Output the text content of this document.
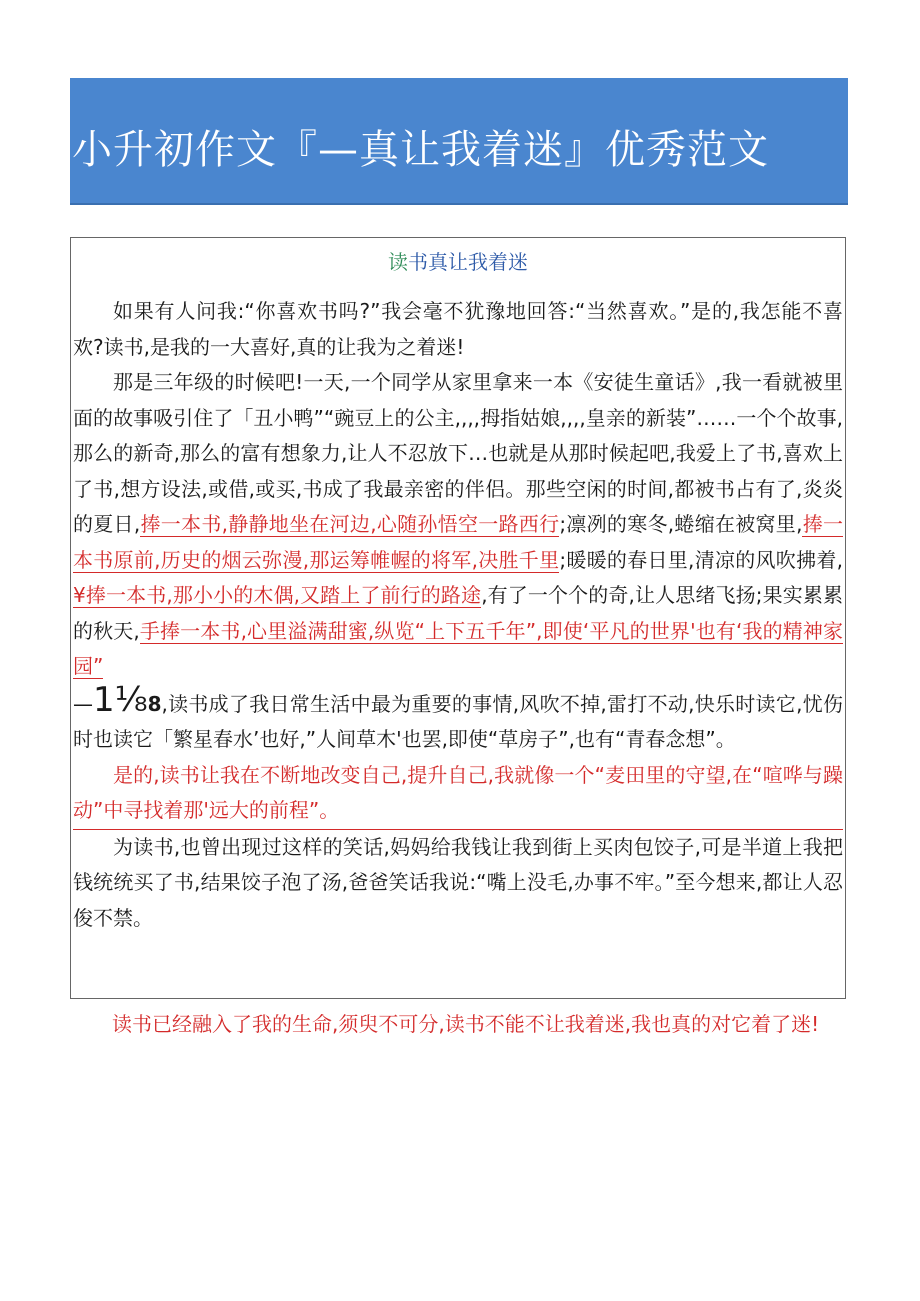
小升初作文『—真让我着迷』优秀范文
读书真让我着迷

如果有人问我:“你喜欢书吗?”我会毫不犹豫地回答:“当然喜欢。”是的,我怎能不喜欢?读书,是我的一大喜好,真的让我为之着迷!

那是三年级的时候吧!一天,一个同学从家里拿来一本《安徒生童话》,我一看就被里面的故事吸引住了「丑小鸭”“豌豆上的公主,,,,拇指姑娘,,,,皇亲的新装”……一个个故事,那么的新奇,那么的富有想象力,让人不忍放下…也就是从那时候起吧,我爱上了书,喜欢上了书,想方设法,或借,或买,书成了我最亲密的伴侣。那些空闲的时间,都被书占有了,炎炎的夏日,捧一本书,静静地坐在河边,心随孙悟空一路西行;凛冽的寒冬,蜷缩在被窝里,捧一本书原前,历史的烟云弥漫,那运筹帷幄的将军,决胜千里;暖暖的春日里,清凉的风吹拂着,¥捧一本书,那小小的木偶,又踏上了前行的路途,有了一个个的奇,让人思绪飞扬;果实累累的秋天,手捧一本书,心里溢满甜蜜,纵览“上下五千年”,即使‘平凡的世界'也有‘我的精神家园”

—1⅛8,读书成了我日常生活中最为重要的事情,风吹不掉,雷打不动,快乐时读它,忧伤时也读它「繁星春水’也好,”人间草木'也罢,即使“草房子”,也有“青春念想”。

是的,读书让我在不断地改变自己,提升自己,我就像一个“麦田里的守望,在“喧哗与躁动”中寻找着那'远大的前程”。

为读书,也曾出现过这样的笑话,妈妈给我钱让我到街上买肉包饺子,可是半道上我把钱统统买了书,结果饺子泡了汤,爸爸笑话我说:“嘴上没毛,办事不牢。”至今想来,都让人忍俊不禁。

读书已经融入了我的生命,须臾不可分,读书不能不让我着迷,我也真的对它着了迷!
